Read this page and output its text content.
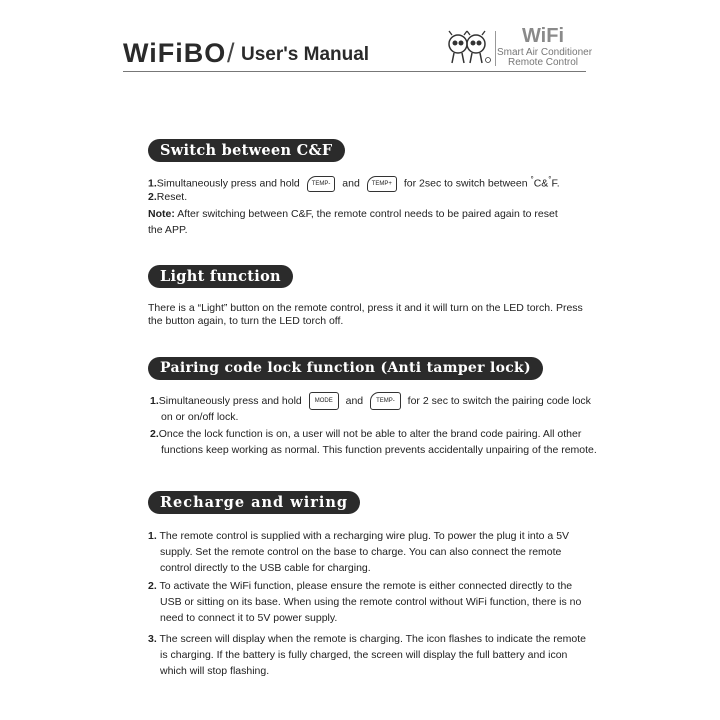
WiFiBO / User's Manual
WiFi
Smart Air Conditioner
Remote Control
Switch between C&F
1.Simultaneously press and hold TEMP- and TEMP+ for 2sec to switch between °C&°F.
2.Reset.
Note: After switching between C&F, the remote control needs to be paired again to reset
the APP.
Light function
There is a “Light” button on the remote control, press it and it will turn on the LED torch. Press
the button again, to turn the LED torch off.
Pairing code lock function (Anti tamper lock)
1.Simultaneously press and hold MODE and TEMP- for 2 sec to switch the pairing code lock
on or on/off lock.
2.Once the lock function is on, a user will not be able to alter the brand code pairing. All other
functions keep working as normal. This function prevents accidentally unpairing of the remote.
Recharge and wiring
1. The remote control is supplied with a recharging wire plug. To power the plug it into a 5V
supply. Set the remote control on the base to charge. You can also connect the remote
control directly to the USB cable for charging.
2. To activate the WiFi function, please ensure the remote is either connected directly to the
USB or sitting on its base. When using the remote control without WiFi function, there is no
need to connect it to 5V power supply.
3. The screen will display when the remote is charging. The icon flashes to indicate the remote
is charging. If the battery is fully charged, the screen will display the full battery and icon
which will stop flashing.
